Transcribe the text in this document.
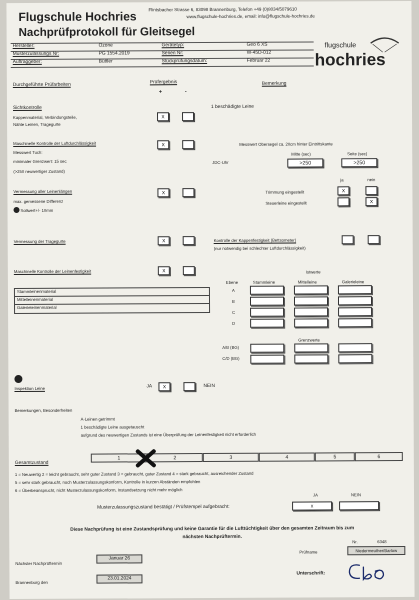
Flugschule Hochries
Nachprüfprotokoll für Gleitsegel
Flintsbacher Strasse 6, 83098 Brannenburg, Telefon +49 (0)8034/5079610
www.flugschule-hochries.de, email: info@flugschule-hochries.de
flugschule
hochries
Hersteller:	Ozone
Musterzulassungs Nr:	PG 1554.2019
Auftraggeber:	Büttler
Gerätetyp:	Geo 6 XS
Serien Nr:	W-45D-012
Stückprüfungsdatum:	Februar 22
Durchgeführte Prüfarbeiten	Prüfergebnis
+	-
Bemerkung
Sichtkontrolle
Kappenmaterial, Verbindungsteile,
Nähte Leinen, Tragegurte
x
1 beschädigte Leine
Maschinelle Kontrolle der Luftdurchlässigkeit
Messwert Tuch:
minimaler Grenzwert: 15 sec
(>250 neuwertiger Zustand)
x	Messwert Obersegel ca. 20cm hinter Eintrittskante
JDC-Uhr
Mitte (sec)	Seite (sec)
>250	>250
Vermessung aller Leinenlängen
max. gemessene Differenz
Sollwert+/- 10mm
x
ja	nein
Trimmung eingestellt	x
Steuerleine eingestellt	x
Vermessung der Tragegurte	x	Kontrolle der Kappenfestigkeit (Bettsometer)
(nur notwendig bei schlechter Luftdurchlässigkeit)
Maschinelle Kontrolle der Leinenfestigkeit	x	Istwerte
Stammleinenmaterial
Mittelleinenmaterial
Galerieleinenmaterial
Ebene	Stammleine	Mittelleine	Galerieleine
A
B
C
D
Grenzwerte
A/B (BG)
C/D (BG)
Inspektion Leine	JA	x	NEIN
Bemerkungen, Besonderheiten
A-Leinen getrimmt
1 beschädigte Leine ausgetauscht
aufgrund des neuwertigen Zustands ist eine Überprüfung der Leinenfestigkeit nicht erforderlich
Gesamtzustand
1	2	3	4	5	6
1 = Neuwertig 2 = leicht gebraucht, sehr guter Zustand 3 = gebraucht, guter Zustand 4 = stark gebraucht, ausreichender Zustand
5 = sehr stark gebraucht, noch Musterzulassungskonform, Kontrolle in kurzen Abständen empfohlen
6 = Überbeansprucht, nicht Musterzulassungskonform, Instandsetzung nicht mehr möglich
JA	NEIN
Musterzulassungszustand bestätigt / Prüfstempel aufgebracht:	x
Diese Nachprüfung ist eine Zustandsprüfung und keine Garantie für die Lufttüchtigkeit über den gesamten Zeitraum bis zum nächsten Nachprüftermin.
Nr.	6348
Nächster Nachprüftermin
Januar 26
Prüfname	Niedermeuther/Barlow
Brannenburg den
23.01.2024
Unterschrift:
